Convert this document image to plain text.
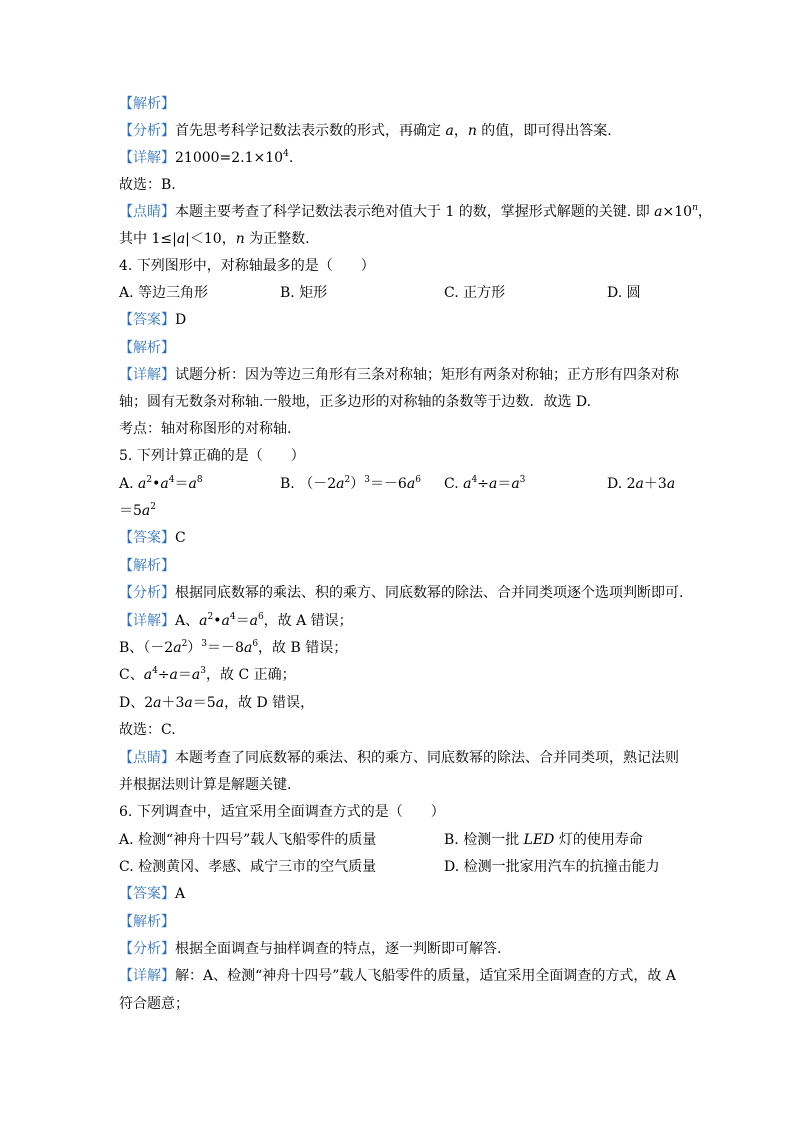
【解析】
【分析】首先思考科学记数法表示数的形式，再确定 a，n 的值，即可得出答案.
【详解】$21000=2.1\times 10^4$.
故选：B.
【点睛】本题主要考查了科学记数法表示绝对值大于 1 的数，掌握形式解题的关键. 即 $a\times 10^n$，
其中 1≤|a|＜10，n 为正整数.
4. 下列图形中，对称轴最多的是（　　）
A. 等边三角形	B. 矩形	C. 正方形	D. 圆
【答案】D
【解析】
【详解】试题分析：因为等边三角形有三条对称轴；矩形有两条对称轴；正方形有四条对称
轴；圆有无数条对称轴.一般地，正多边形的对称轴的条数等于边数．故选 D.
考点：轴对称图形的对称轴.
5. 下列计算正确的是（　　）
A. $a^2•a^4=a^8$	B. $(-2a^2)^3=-6a^6$ C. $a^4\div a=a^3$	D. 2a＋3a
$=5a^2$
【答案】C
【解析】
【分析】根据同底数幂的乘法、积的乘方、同底数幂的除法、合并同类项逐个选项判断即可.
【详解】A、$a^2•a^4=a^6$，故 A 错误；
B、$(-2a^2)^3=-8a^6$，故 B 错误；
C、$a^4\div a=a^3$，故 C 正确；
D、2a＋3a＝5a，故 D 错误，
故选：C.
【点睛】本题考查了同底数幂的乘法、积的乘方、同底数幂的除法、合并同类项，熟记法则
并根据法则计算是解题关键.
6. 下列调查中，适宜采用全面调查方式的是（　　）
A. 检测“神舟十四号”载人飞船零件的质量	B. 检测一批 LED 灯的使用寿命
C. 检测黄冈、孝感、咸宁三市的空气质量	D. 检测一批家用汽车的抗撞击能力
【答案】A
【解析】
【分析】根据全面调查与抽样调查的特点，逐一判断即可解答.
【详解】解：A、检测“神舟十四号”载人飞船零件的质量，适宜采用全面调查的方式，故 A
符合题意；
